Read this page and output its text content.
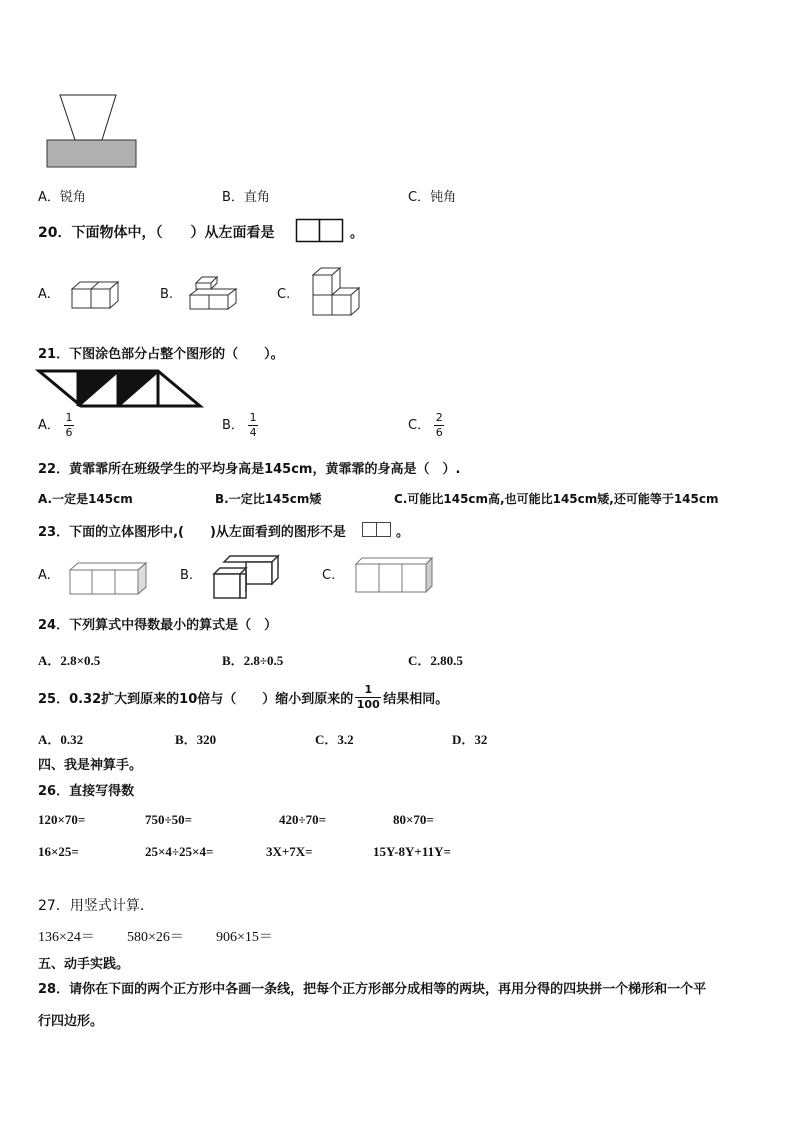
A．锐角	B．直角	C．钝角
20．下面物体中，（　　）从左面看是	。
A.	B.	C.
21．下图涂色部分占整个图形的（　　）。
A． $\frac{1}{6}$	B． $\frac{1}{4}$	C． $\frac{2}{6}$
22．黄霏霏所在班级学生的平均身高是145cm，黄霏霏的身高是（　）.
A.一定是145cm	B.一定比145cm矮	C.可能比145cm高,也可能比145cm矮,还可能等于145cm
23．下面的立体图形中,(　　)从左面看到的图形不是	。
A.	B.	C.
24．下列算式中得数最小的算式是（　）
A．2.8×0.5	B．2.8÷0.5	C．2.80.5
25．0.32扩大到原来的10倍与（　　）缩小到原来的 $\frac{1}{100}$ 结果相同。
A．0.32	B．320	C．3.2	D．32
四、我是神算手。
26．直接写得数
120×70=	750÷50=	420÷70=	80×70=
16×25=	25×4÷25×4=	3X+7X=	15Y-8Y+11Y=
27．用竖式计算.
136×24＝ 580×26＝ 906×15＝
五、动手实践。
28．请你在下面的两个正方形中各画一条线，把每个正方形部分成相等的两块，再用分得的四块拼一个梯形和一个平
行四边形。
